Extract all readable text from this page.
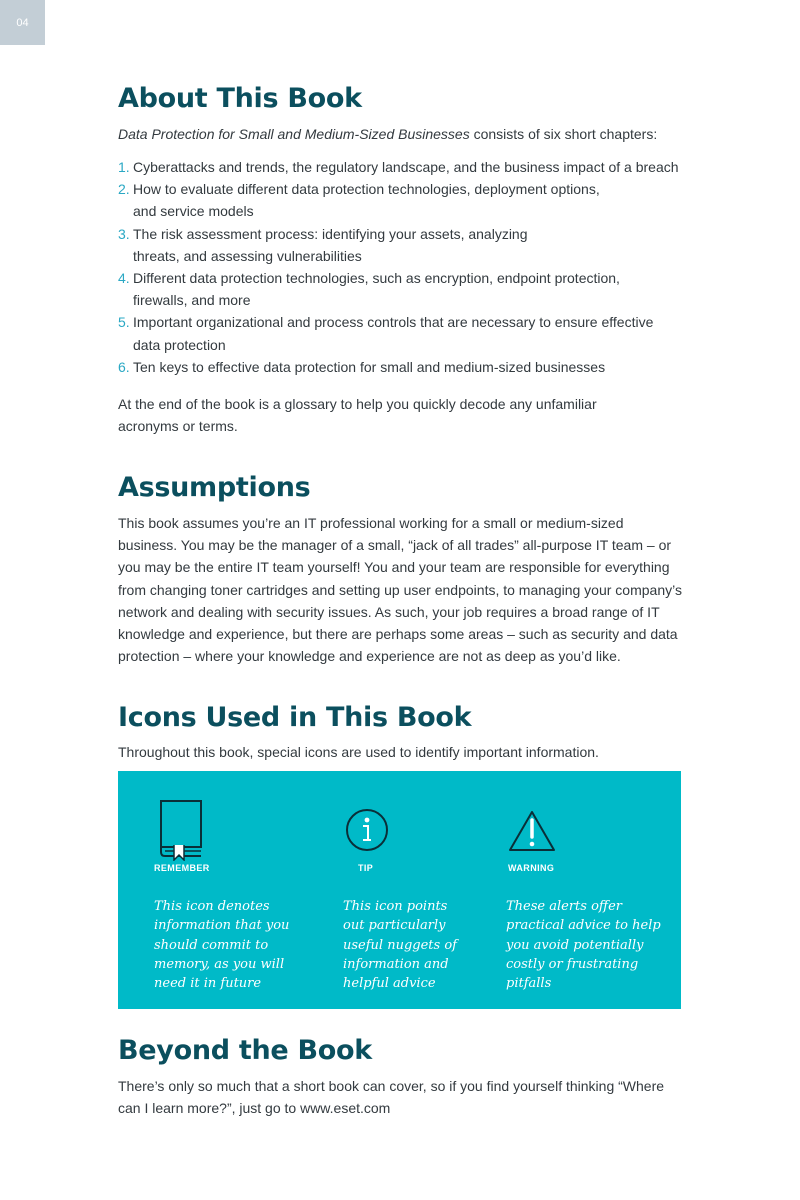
04
About This Book

Data Protection for Small and Medium-Sized Businesses consists of six short chapters:

1. Cyberattacks and trends, the regulatory landscape, and the business impact of a breach
2. How to evaluate different data protection technologies, deployment options, and service models
3. The risk assessment process: identifying your assets, analyzing threats, and assessing vulnerabilities
4. Different data protection technologies, such as encryption, endpoint protection, firewalls, and more
5. Important organizational and process controls that are necessary to ensure effective data protection
6. Ten keys to effective data protection for small and medium-sized businesses

At the end of the book is a glossary to help you quickly decode any unfamiliar acronyms or terms.

Assumptions

This book assumes you’re an IT professional working for a small or medium-sized business. You may be the manager of a small, “jack of all trades” all-purpose IT team – or you may be the entire IT team yourself! You and your team are responsible for everything from changing toner cartridges and setting up user endpoints, to managing your company’s network and dealing with security issues. As such, your job requires a broad range of IT knowledge and experience, but there are perhaps some areas – such as security and data protection – where your knowledge and experience are not as deep as you’d like.

Icons Used in This Book

Throughout this book, special icons are used to identify important information.

REMEMBER
This icon denotes
information that you
should commit to
memory, as you will
need it in future
TIP
This icon points
out particularly
useful nuggets of
information and
helpful advice
WARNING
These alerts offer
practical advice to help
you avoid potentially
costly or frustrating
pitfalls
Beyond the Book

There’s only so much that a short book can cover, so if you find yourself thinking “Where can I learn more?”, just go to www.eset.com
